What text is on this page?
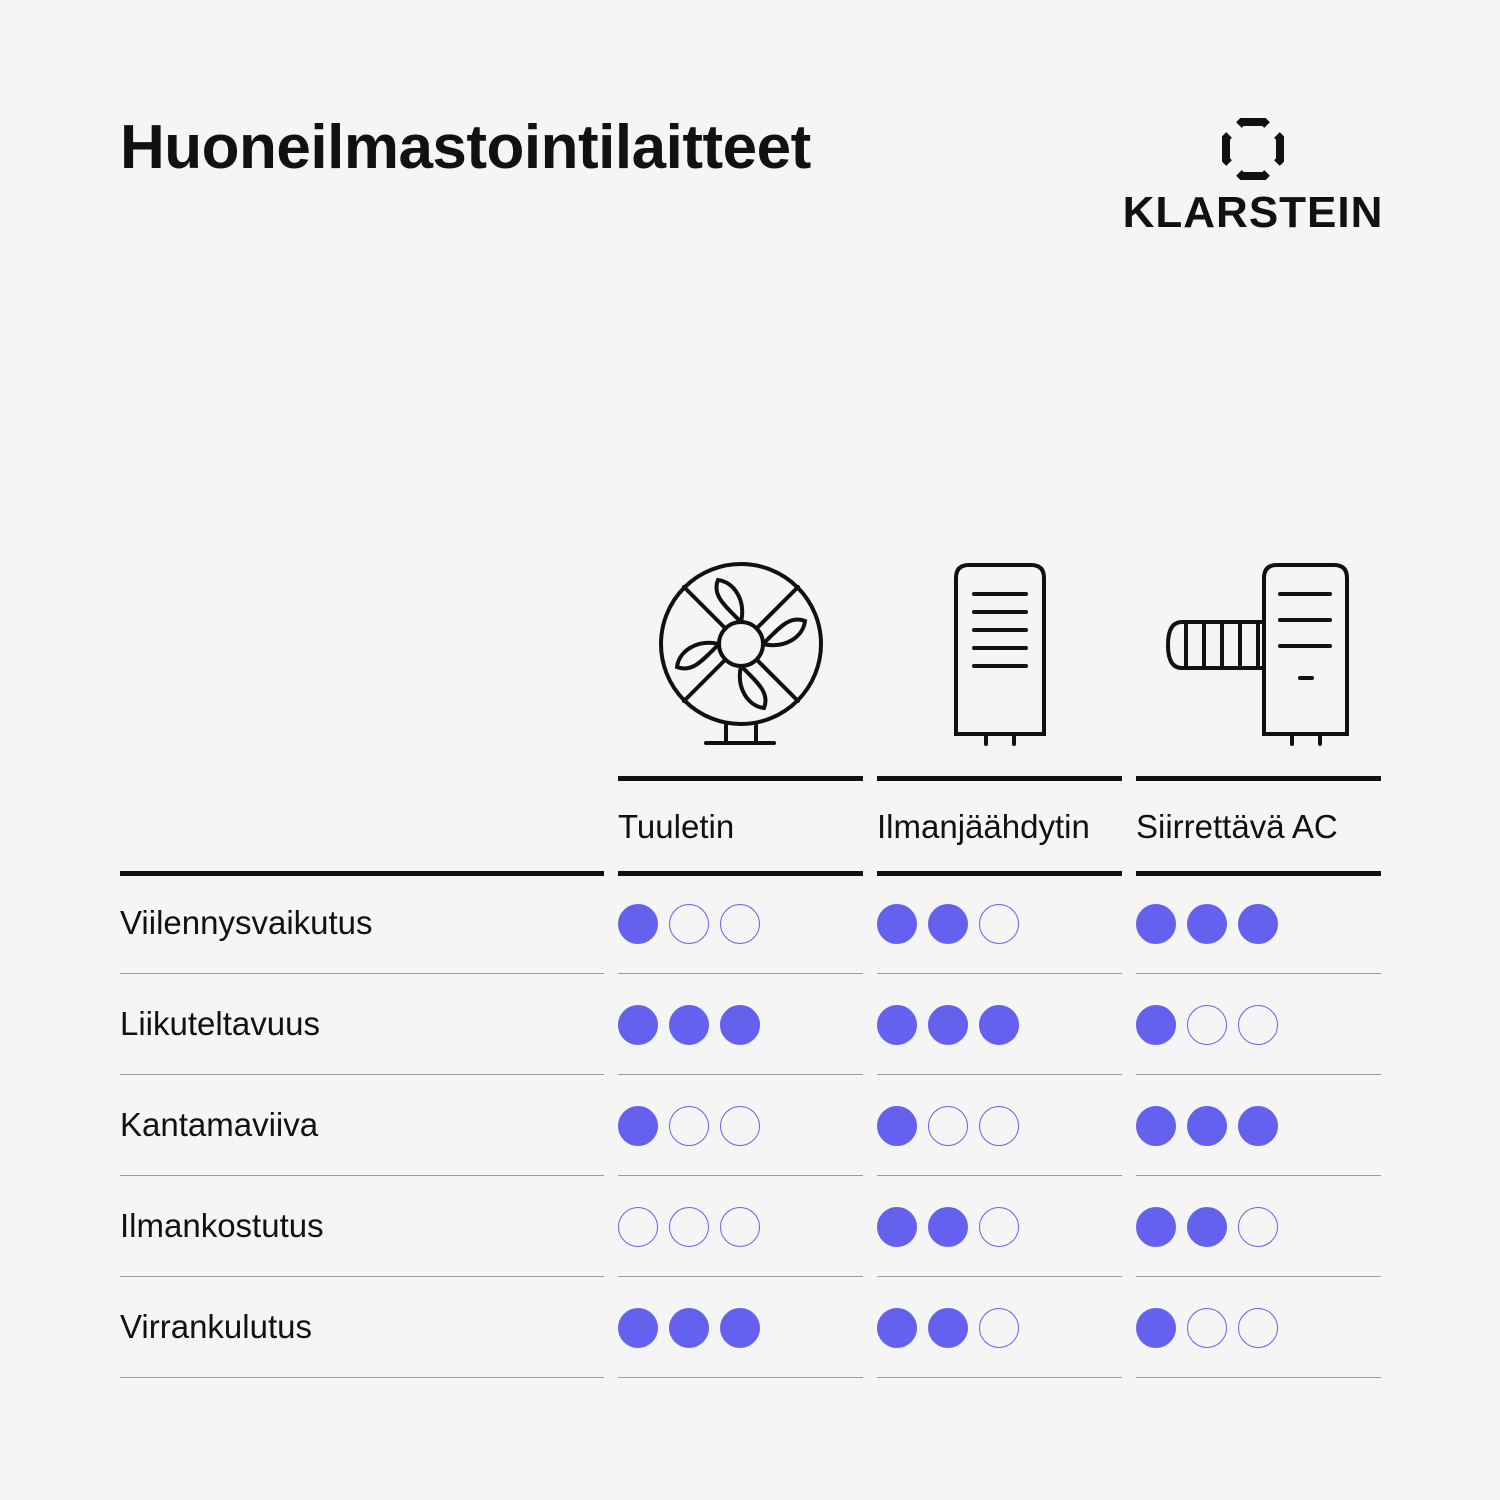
Huoneilmastointilaitteet
KLARSTEIN
Tuuletin	Ilmanjäähdytin Siirrettävä AC
Viilennysvaikutus
Liikuteltavuus
Kantamaviiva
Ilmankostutus
Virrankulutus
